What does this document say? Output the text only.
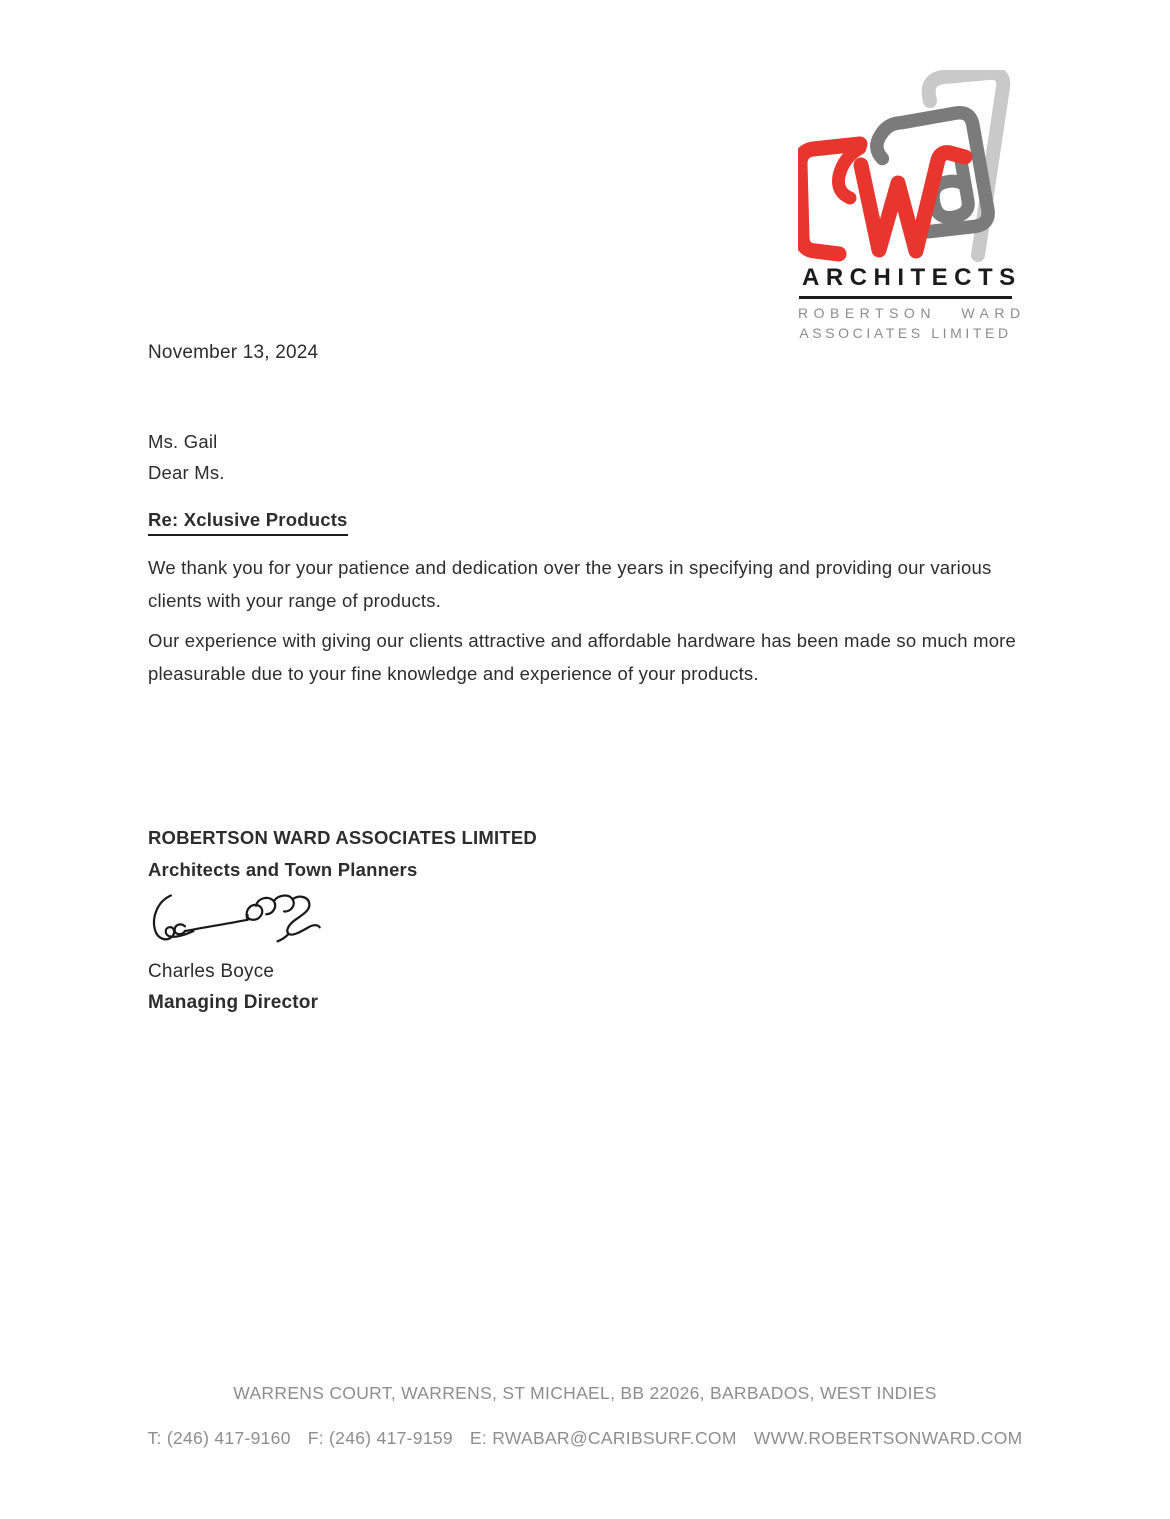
ARCHITECTS
ROBERTSON WARD
ASSOCIATES LIMITED
November 13, 2024
Ms. Gail
Dear Ms.
Re: Xclusive Products

We thank you for your patience and dedication over the years in specifying and providing our various clients with your range of products.

Our experience with giving our clients attractive and affordable hardware has been made so much more pleasurable due to your fine knowledge and experience of your products.

ROBERTSON WARD ASSOCIATES LIMITED
Architects and Town Planners
Charles Boyce
Managing Director
WARRENS COURT, WARRENS, ST MICHAEL, BB 22026, BARBADOS, WEST INDIES
T: (246) 417-9160 F: (246) 417-9159 E: RWABAR@CARIBSURF.COM WWW.ROBERTSONWARD.COM
